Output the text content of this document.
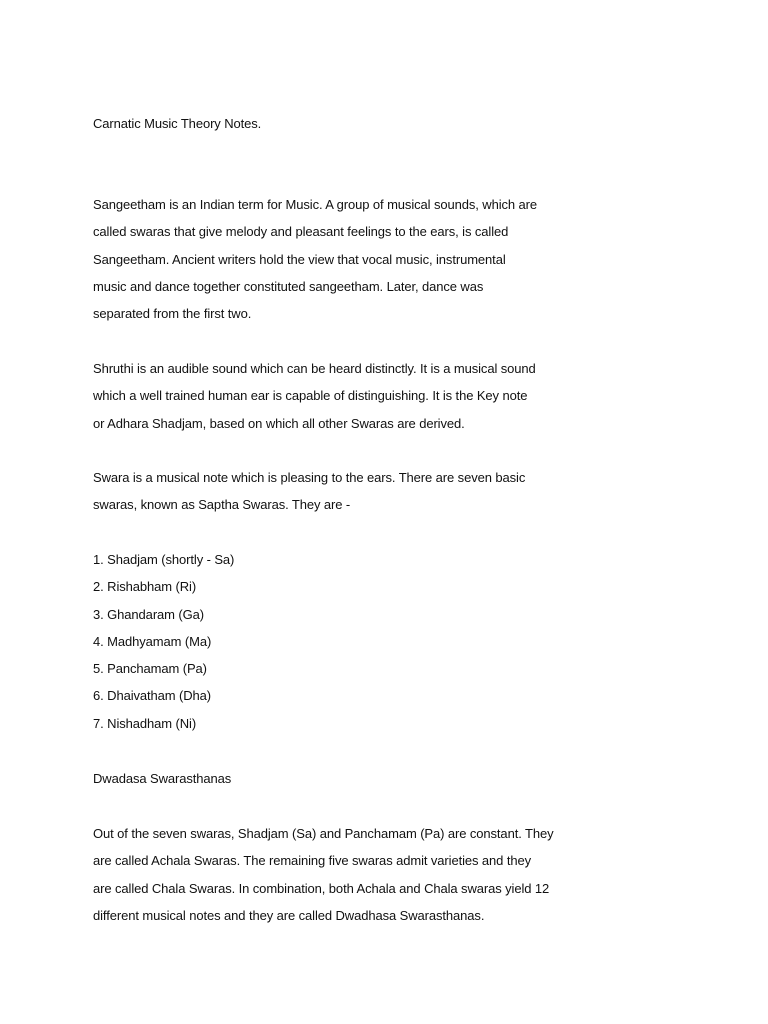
Carnatic Music Theory Notes.
Sangeetham is an Indian term for Music. A group of musical sounds, which are
called swaras that give melody and pleasant feelings to the ears, is called
Sangeetham. Ancient writers hold the view that vocal music, instrumental
music and dance together constituted sangeetham. Later, dance was
separated from the first two.
Shruthi is an audible sound which can be heard distinctly. It is a musical sound
which a well trained human ear is capable of distinguishing. It is the Key note
or Adhara Shadjam, based on which all other Swaras are derived.
Swara is a musical note which is pleasing to the ears. There are seven basic
swaras, known as Saptha Swaras. They are -
1. Shadjam (shortly - Sa)
2. Rishabham (Ri)
3. Ghandaram (Ga)
4. Madhyamam (Ma)
5. Panchamam (Pa)
6. Dhaivatham (Dha)
7. Nishadham (Ni)
Dwadasa Swarasthanas
Out of the seven swaras, Shadjam (Sa) and Panchamam (Pa) are constant. They
are called Achala Swaras. The remaining five swaras admit varieties and they
are called Chala Swaras. In combination, both Achala and Chala swaras yield 12
different musical notes and they are called Dwadhasa Swarasthanas.
